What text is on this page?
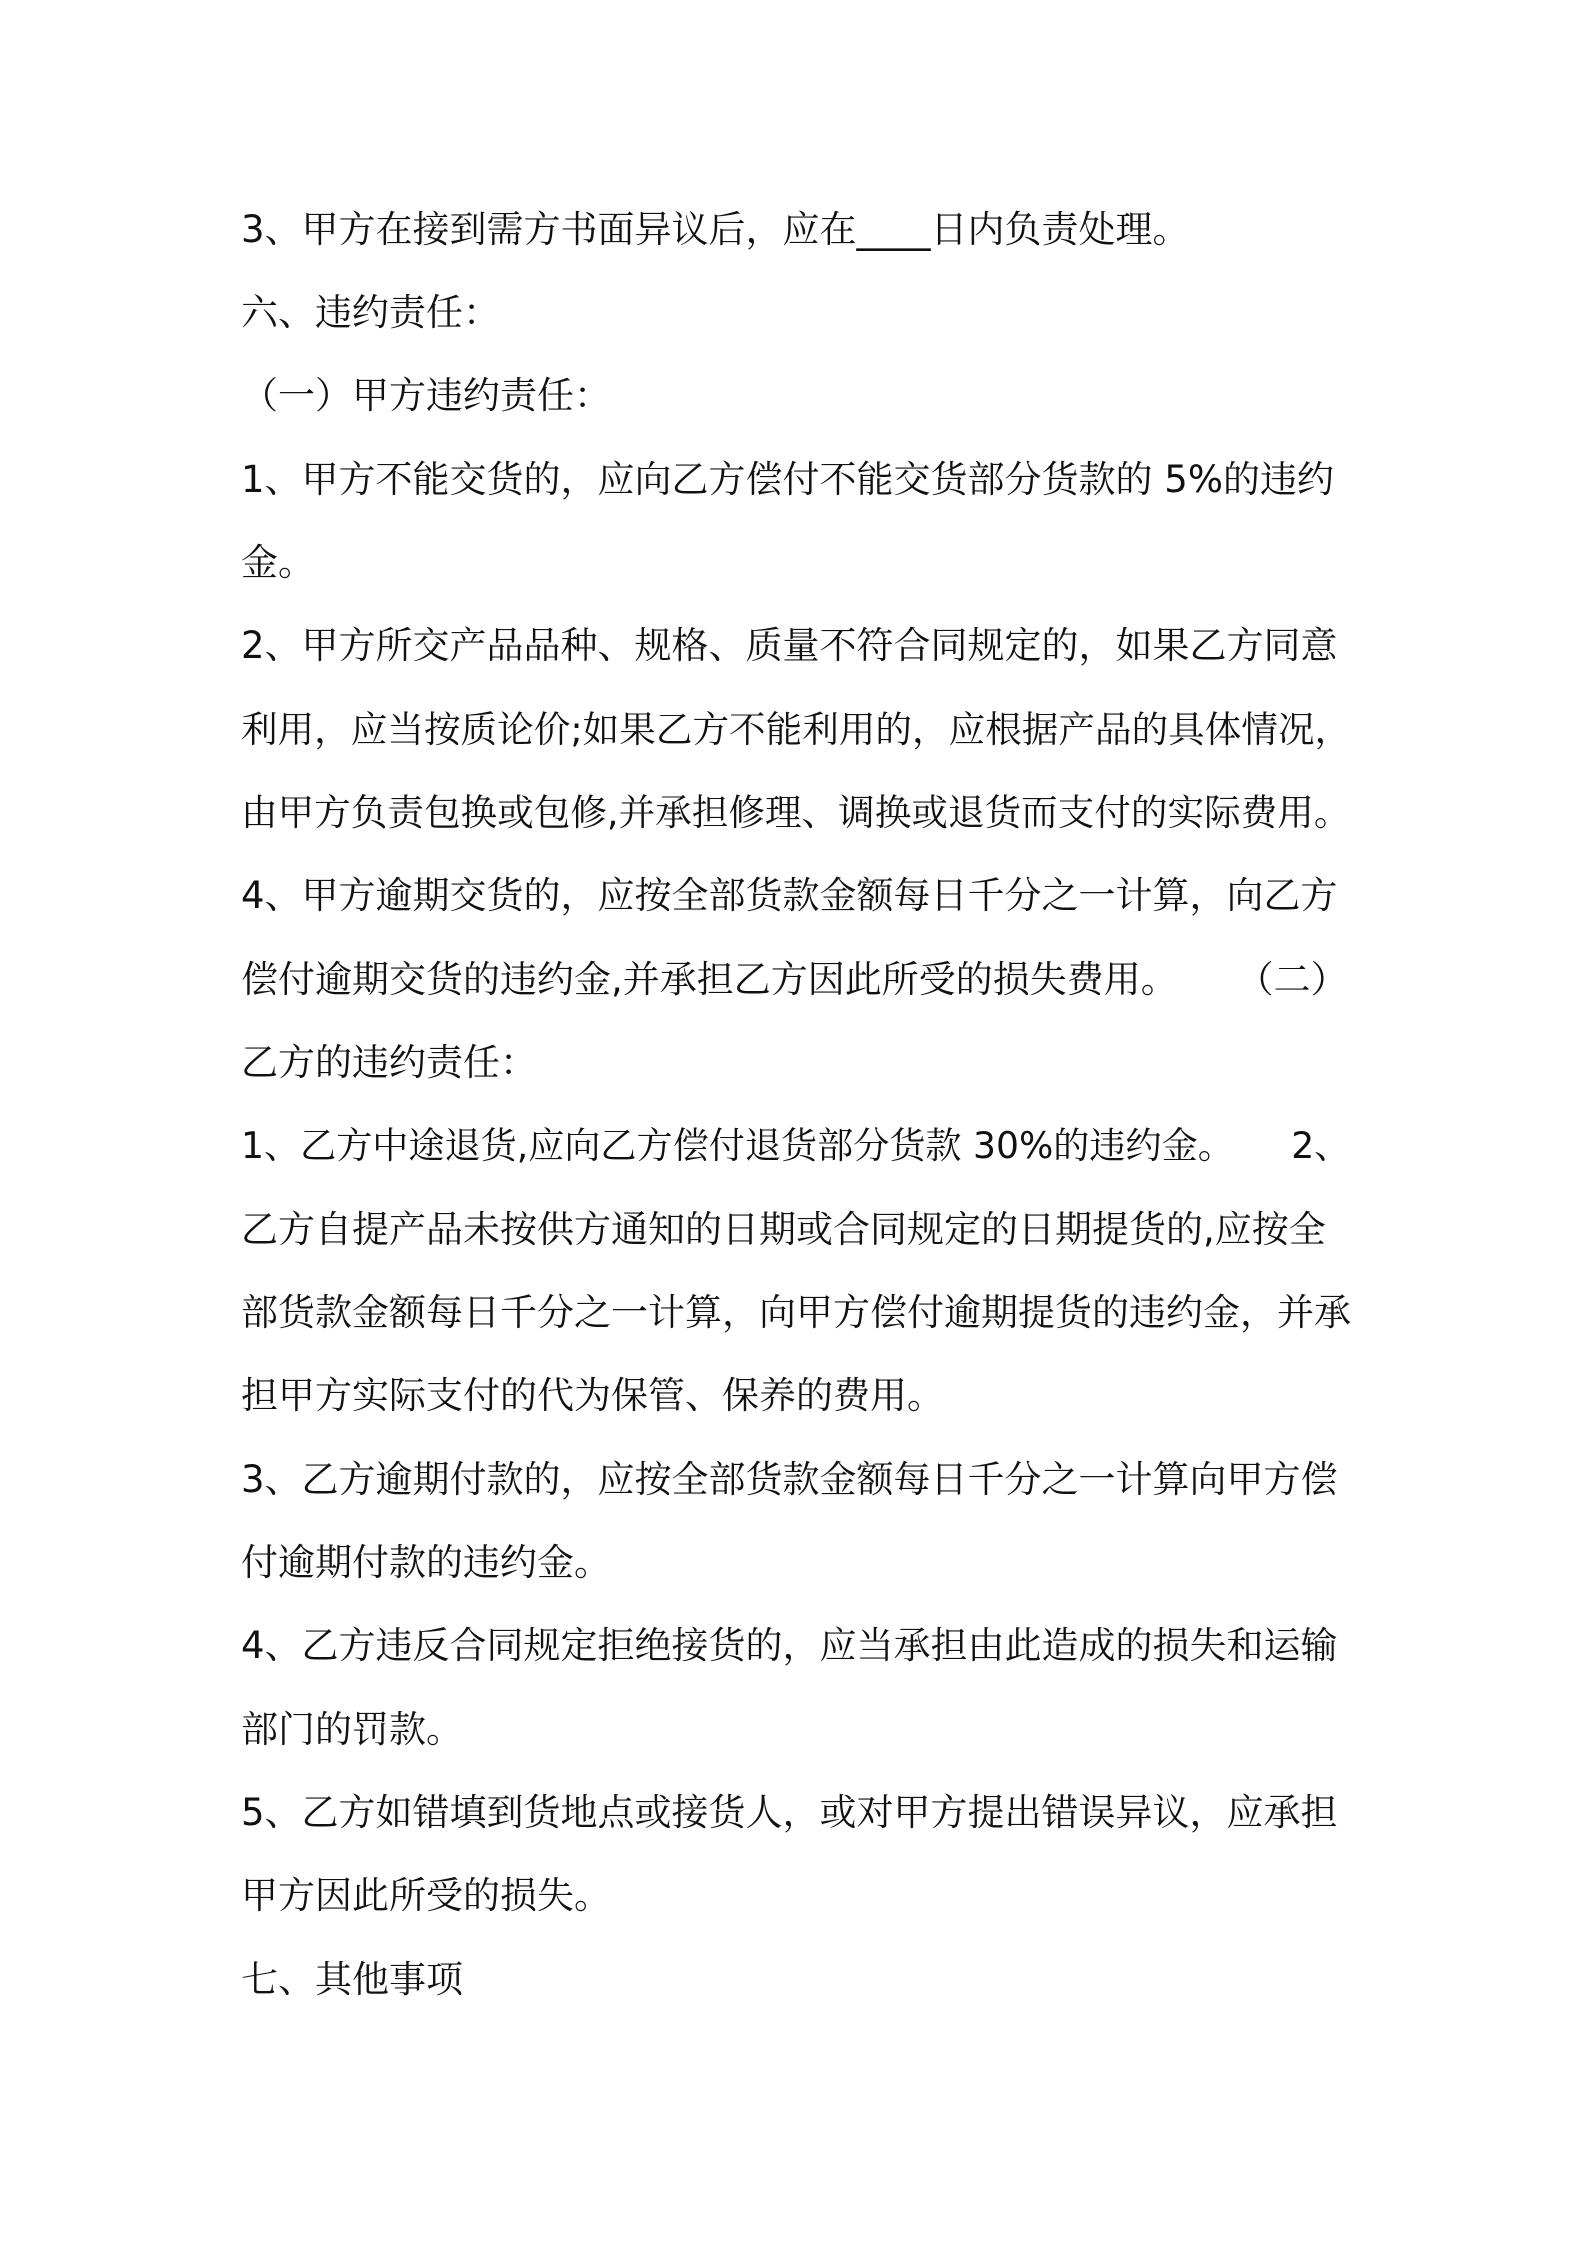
3、甲方在接到需方书面异议后，应在____日内负责处理。
六、违约责任：
（一）甲方违约责任：
1、甲方不能交货的，应向乙方偿付不能交货部分货款的 5%的违约
金。
2、甲方所交产品品种、规格、质量不符合同规定的，如果乙方同意
利用，应当按质论价;如果乙方不能利用的，应根据产品的具体情况，
由甲方负责包换或包修,并承担修理、调换或退货而支付的实际费用。
4、甲方逾期交货的，应按全部货款金额每日千分之一计算，向乙方
偿付逾期交货的违约金,并承担乙方因此所受的损失费用。     （二）
乙方的违约责任：
1、乙方中途退货,应向乙方偿付退货部分货款 30%的违约金。     2、
乙方自提产品未按供方通知的日期或合同规定的日期提货的,应按全
部货款金额每日千分之一计算，向甲方偿付逾期提货的违约金，并承
担甲方实际支付的代为保管、保养的费用。
3、乙方逾期付款的，应按全部货款金额每日千分之一计算向甲方偿
付逾期付款的违约金。
4、乙方违反合同规定拒绝接货的，应当承担由此造成的损失和运输
部门的罚款。
5、乙方如错填到货地点或接货人，或对甲方提出错误异议，应承担
甲方因此所受的损失。
七、其他事项
